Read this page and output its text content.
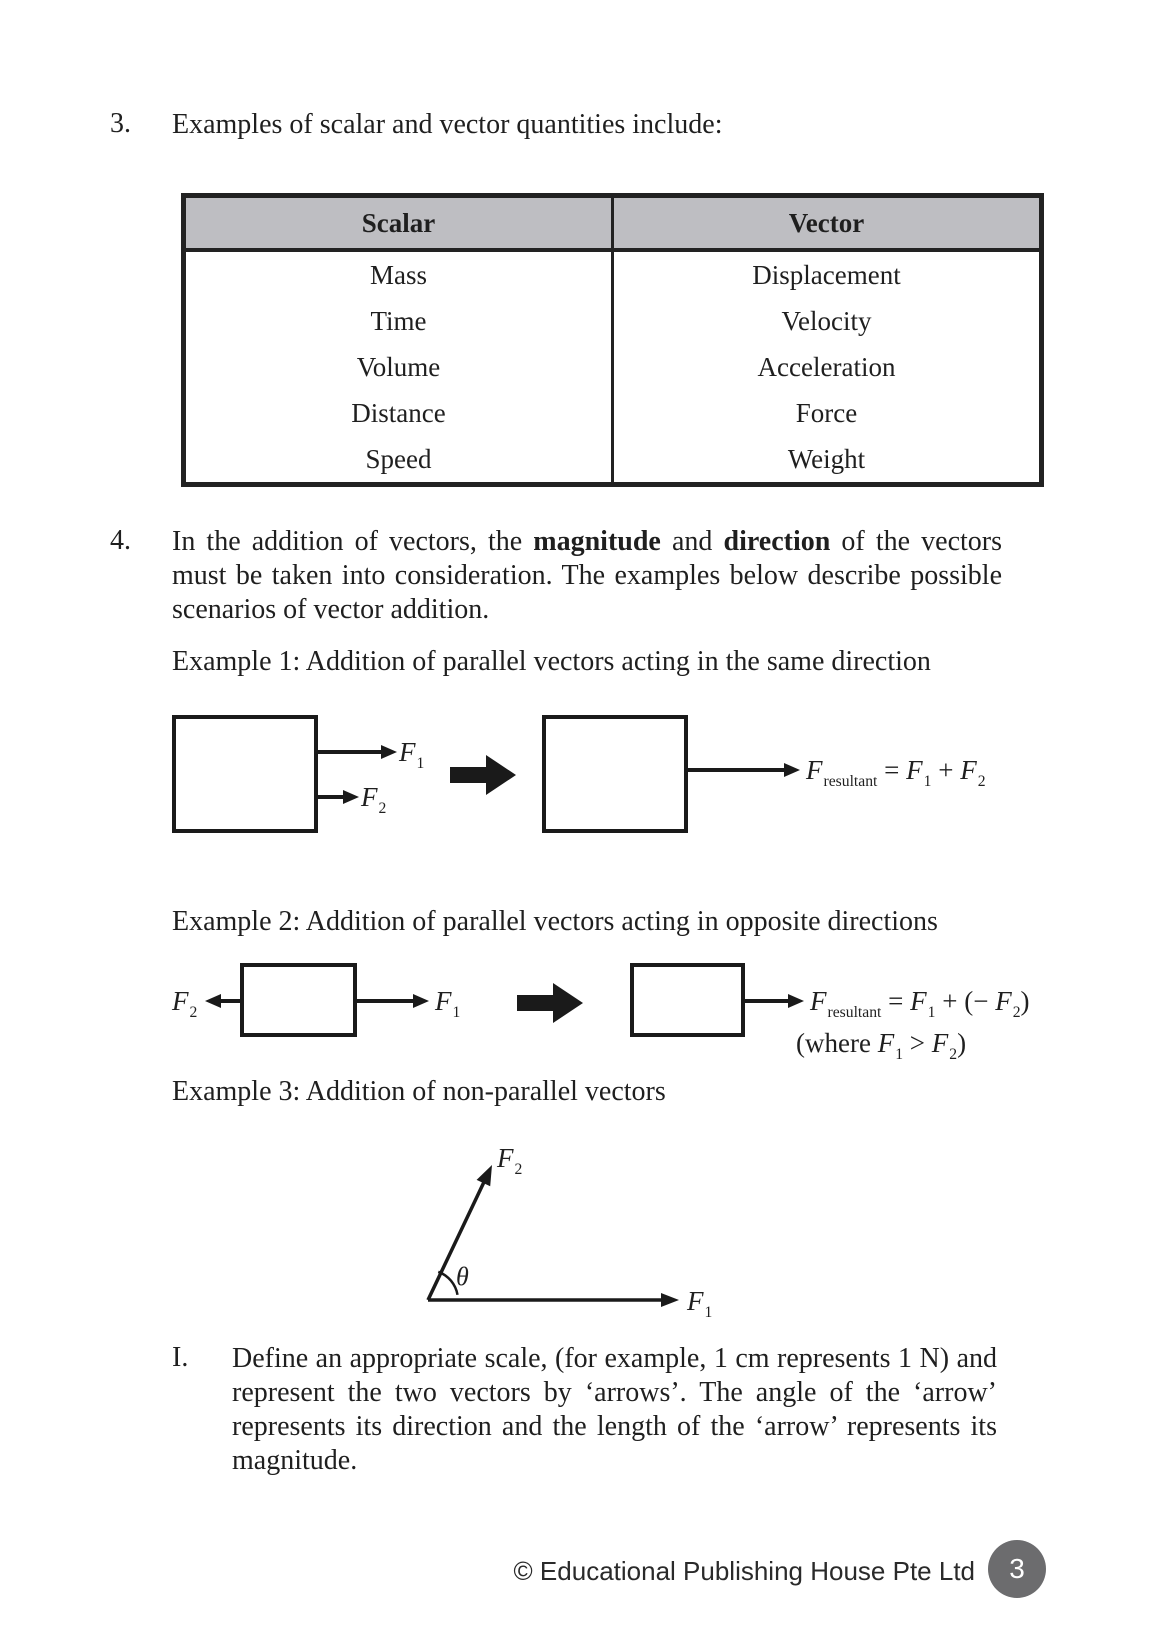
3. Examples of scalar and vector quantities include:
Scalar	Vector
Mass	Displacement
Time	Velocity
Volume	Acceleration
Distance	Force
Speed	Weight
4. In the addition of vectors, the magnitude and direction of the vectors must be taken into consideration. The examples below describe possible scenarios of vector addition.
Example 1: Addition of parallel vectors acting in the same direction
$F_1$
$F_2$
$F_{resultant} = F_1 + F_2$
Example 2: Addition of parallel vectors acting in opposite directions
$F_2$	$F_1$	$F_{resultant} = F_1$ + (− $F_2$)
(where $F_1 > F_2$)
Example 3: Addition of non-parallel vectors
$F_2$
$F_1$
θ
I. Define an appropriate scale, (for example, 1 cm represents 1 N) and represent the two vectors by ‘arrows’. The angle of the ‘arrow’ represents its direction and the length of the ‘arrow’ represents its magnitude.
© Educational Publishing House Pte Ltd 3
